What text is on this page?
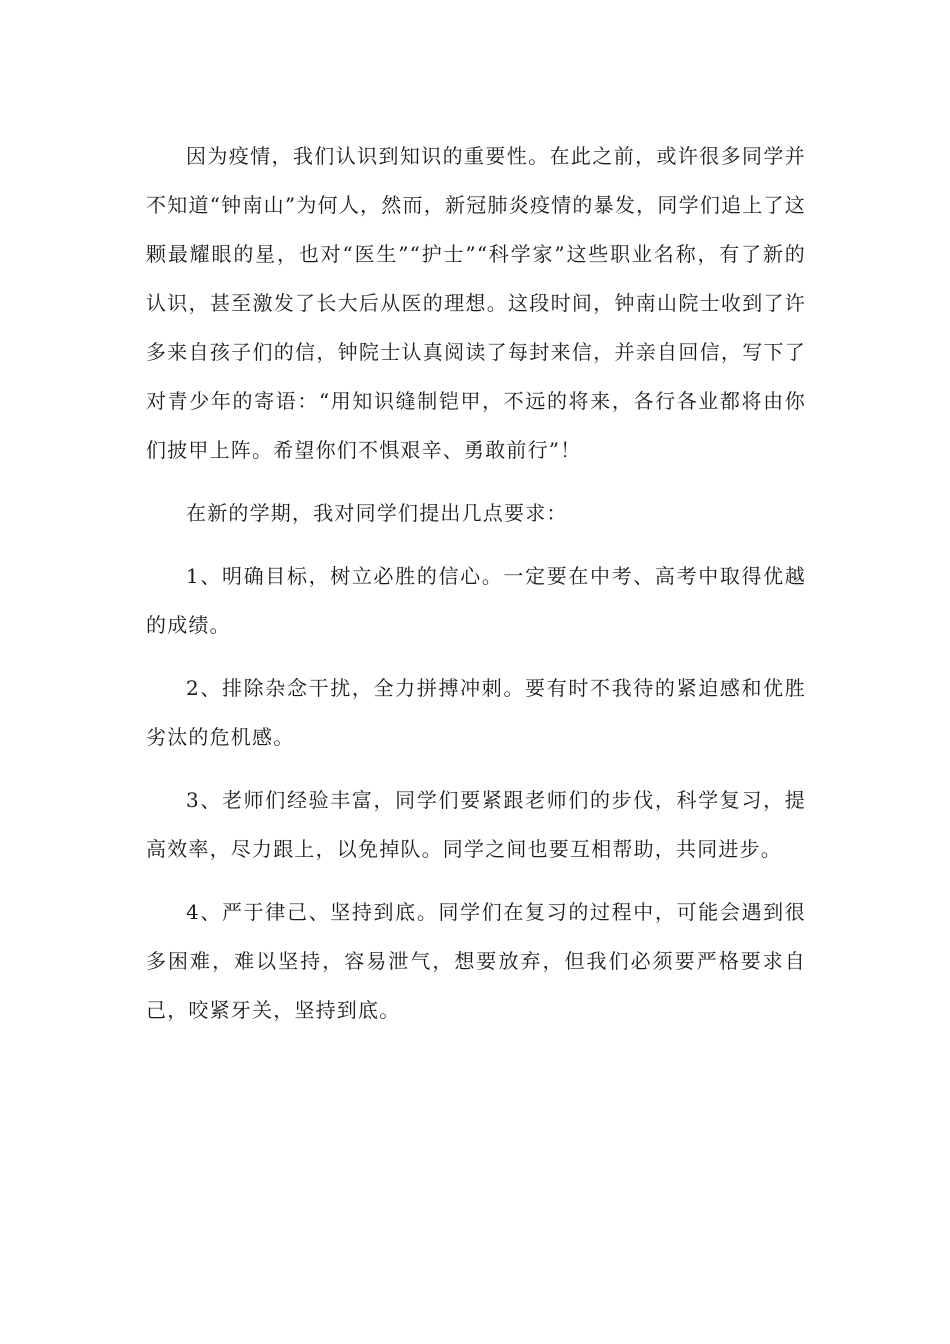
因为疫情，我们认识到知识的重要性。在此之前，或许很多同学并不知道“钟南山”为何人，然而，新冠肺炎疫情的暴发，同学们追上了这颗最耀眼的星，也对“医生”“护士”“科学家”这些职业名称，有了新的认识，甚至激发了长大后从医的理想。这段时间，钟南山院士收到了许多来自孩子们的信，钟院士认真阅读了每封来信，并亲自回信，写下了对青少年的寄语：“用知识缝制铠甲，不远的将来，各行各业都将由你们披甲上阵。希望你们不惧艰辛、勇敢前行”！

在新的学期，我对同学们提出几点要求：

1、明确目标，树立必胜的信心。一定要在中考、高考中取得优越的成绩。

2、排除杂念干扰，全力拼搏冲刺。要有时不我待的紧迫感和优胜劣汰的危机感。

3、老师们经验丰富，同学们要紧跟老师们的步伐，科学复习，提高效率，尽力跟上，以免掉队。同学之间也要互相帮助，共同进步。

4、严于律己、坚持到底。同学们在复习的过程中，可能会遇到很多困难，难以坚持，容易泄气，想要放弃，但我们必须要严格要求自己，咬紧牙关，坚持到底。
